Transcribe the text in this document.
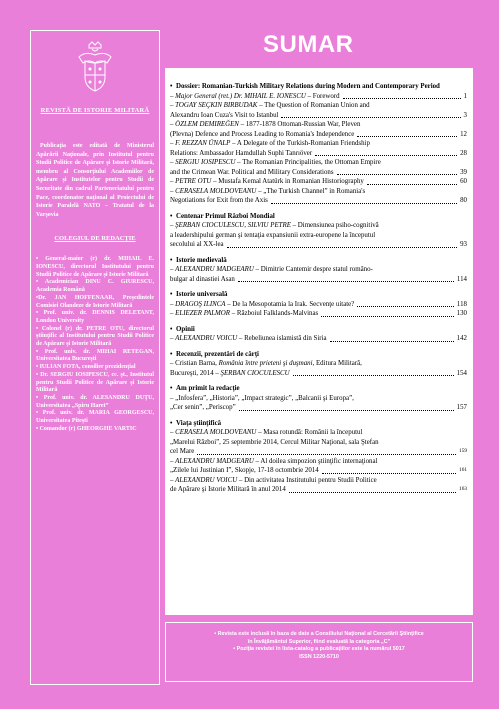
REVISTĂ DE ISTORIE MILITARĂ
Publicaţia este editată de Ministerul Apărării Naţionale, prin Institutul pentru Studii Politice de Apărare şi Istorie Militară, membru al Consorţiului Academiilor de Apărare şi Institutelor pentru Studii de Securitate din cadrul Parteneriatului pentru Pace, coordonator naţional al Proiectului de Istorie Paralelă NATO – Tratatul de la Varşovia
COLEGIUL DE REDACŢIE
• General-maior (r) dr. MIHAIL E. IONESCU, directorul Institutului pentru Studii Politice de Apărare şi Istorie Militară
• Academician DINU C. GIURESCU, Academia Română
•Dr. JAN HOFFENAAR, Preşedintele Comisiei Olandeze de Istorie Militară
• Prof. univ. dr. DENNIS DELETANT, London University
• Colonel (r) dr. PETRE OTU, directorul ştiinţific al Institutului pentru Studii Politice de Apărare şi Istorie Militară
• Prof. univ. dr. MIHAI RETEGAN, Universitatea Bucureşti
• IULIAN FOTA, consilier prezidenţial
• Dr. SERGIU IOSIPESCU, cc. şt., Institutul pentru Studii Politice de Apărare şi Istorie Militară
• Prof. univ. dr. ALESANDRU DUŢU, Universitatea „Spiru Haret”
• Prof. univ. dr. MARIA GEORGESCU, Universitatea Piteşti
• Comandor (r) GHEORGHE VARTIC
SUMAR
• Dossier: Romanian-Turkish Military Relations during Modern and Contemporary Period
– Major General (ret.) Dr. MIHAIL E. IONESCU – Foreword	1
– TOGAY SEÇKIN BIRBUDAK – The Question of Romanian Union and
Alexandru Ioan Cuza's Visit to Istanbul	3
– ÖZLEM DEMIREĞEN – 1877-1878 Ottoman-Russian War, Pleven
(Plevna) Defence and Process Leading to Romania's Independence	12
– F. REZZAN ÜNALP – A Delegate of the Turkish-Romanian Friendship
Relations: Ambassador Hamdullah Suphi Tanrıöver	28
– SERGIU IOSIPESCU – The Romanian Principalities, the Ottoman Empire
and the Crimean War. Political and Military Considerations	39
– PETRE OTU – Mustafa Kemal Atatürk in Romanian Historiography	60
– CERASELA MOLDOVEANU – „The Turkish Channel” in Romania's
Negotiations for Exit from the Axis	80
• Centenar Primul Război Mondial
– ŞERBAN CIOCULESCU, SILVIU PETRE – Dimensiunea psiho-cognitivă
a leadershipului german şi tentaţia expansiunii extra-europene la începutul
secolului al XX-lea	93
• Istorie medievală
– ALEXANDRU MADGEARU – Dimitrie Cantemir despre statul româno-
bulgar al dinastiei Asan	114
• Istorie universală
– DRAGOŞ ILINCA – De la Mesopotamia la Irak. Secvenţe uitate?	118
– ELIEZER PALMOR – Războiul Falklands-Malvinas	130
• Opinii
– ALEXANDRU VOICU – Rebeliunea islamistă din Siria	142
• Recenzii, prezentări de cărţi
– Cristian Barna, România între prieteni şi duşmani, Editura Militară,
Bucureşti, 2014 – ŞERBAN CIOCULESCU	154
• Am primit la redacţie
– „Infosfera”, „Historia”, „Impact strategic”, „Balcanii şi Europa”,
„Cer senin”, „Periscop”	157
• Viaţa ştiinţifică
– CERASELA MOLDOVEANU – Masa rotundă: Românii la începutul
„Marelui Război”, 25 septembrie 2014, Cercul Militar Naţional, sala Ştefan
cel Mare	159
– ALEXANDRU MADGEARU – Al doilea simpozion ştiinţific internaţional
„Zilele lui Justinian I”, Skopje, 17-18 octombrie 2014	161
– ALEXANDRU VOICU – Din activitatea Institutului pentru Studii Politice
de Apărare şi Istorie Militară în anul 2014	163
• Revista este inclusă în baza de date a Consiliului Naţional al Cercetării Ştiinţifice
în Învăţământul Superior, fiind evaluată la categoria „C”
• Poziţia revistei în lista-catalog a publicaţiilor este la numărul 5017
ISSN 1220-5710
